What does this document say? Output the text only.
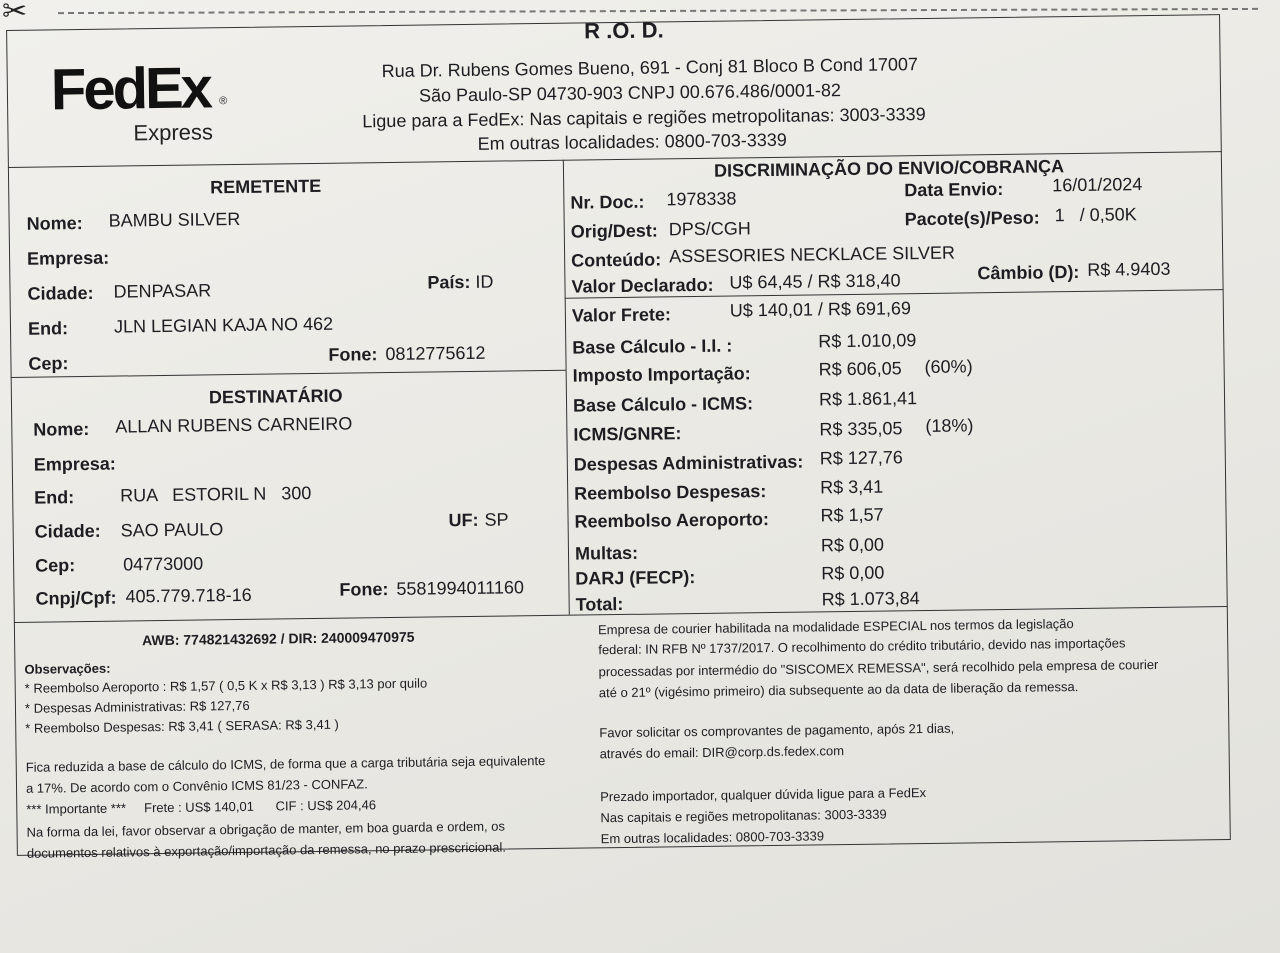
✂
FedEx ®
Express
R .O. D.
Rua Dr. Rubens Gomes Bueno, 691 - Conj 81 Bloco B Cond 17007
São Paulo-SP 04730-903 CNPJ 00.676.486/0001-82
Ligue para a FedEx: Nas capitais e regiões metropolitanas: 3003-3339
Em outras localidades: 0800-703-3339
REMETENTE
Nome: BAMBU SILVER
Empresa:
Cidade: DENPASAR	País: ID
End:	JLN LEGIAN KAJA NO 462
Cep:	Fone: 0812775612
DESTINATÁRIO
Nome: ALLAN RUBENS CARNEIRO
Empresa:
End:	RUA   ESTORIL N   300
Cidade: SAO PAULO	UF: SP
Cep:	04773000
Cnpj/Cpf: 405.779.718-16	Fone: 5581994011160
DISCRIMINAÇÃO DO ENVIO/COBRANÇA
Nr. Doc.: 1978338	Data Envio:	16/01/2024
Orig/Dest: DPS/CGH	Pacote(s)/Peso: 1   / 0,50K
Conteúdo: ASSESORIES NECKLACE SILVER
Valor Declarado: U$ 64,45 / R$ 318,40	Câmbio (D): R$ 4.9403
Valor Frete:	U$ 140,01 / R$ 691,69
Base Cálculo - I.I. :	R$ 1.010,09
Imposto Importação:	R$ 606,05 (60%)
Base Cálculo - ICMS:	R$ 1.861,41
ICMS/GNRE:	R$ 335,05 (18%)
Despesas Administrativas: R$ 127,76
Reembolso Despesas:	R$ 3,41
Reembolso Aeroporto:	R$ 1,57
Multas:	R$ 0,00
DARJ (FECP):	R$ 0,00
Total:	R$ 1.073,84
AWB: 774821432692 / DIR: 240009470975
Observações:
* Reembolso Aeroporto : R$ 1,57 ( 0,5 K x R$ 3,13 ) R$ 3,13 por quilo
* Despesas Administrativas: R$ 127,76
* Reembolso Despesas: R$ 3,41 ( SERASA: R$ 3,41 )
Fica reduzida a base de cálculo do ICMS, de forma que a carga tributária seja equivalente
a 17%. De acordo com o Convênio ICMS 81/23 - CONFAZ.
*** Importante ***     Frete : US$ 140,01      CIF : US$ 204,46
Na forma da lei, favor observar a obrigação de manter, em boa guarda e ordem, os
documentos relativos à exportação/importação da remessa, no prazo prescricional.
Empresa de courier habilitada na modalidade ESPECIAL nos termos da legislação
federal: IN RFB Nº 1737/2017. O recolhimento do crédito tributário, devido nas importações
processadas por intermédio do "SISCOMEX REMESSA", será recolhido pela empresa de courier
até o 21º (vigésimo primeiro) dia subsequente ao da data de liberação da remessa.
Favor solicitar os comprovantes de pagamento, após 21 dias,
através do email: DIR@corp.ds.fedex.com
Prezado importador, qualquer dúvida ligue para a FedEx
Nas capitais e regiões metropolitanas: 3003-3339
Em outras localidades: 0800-703-3339
